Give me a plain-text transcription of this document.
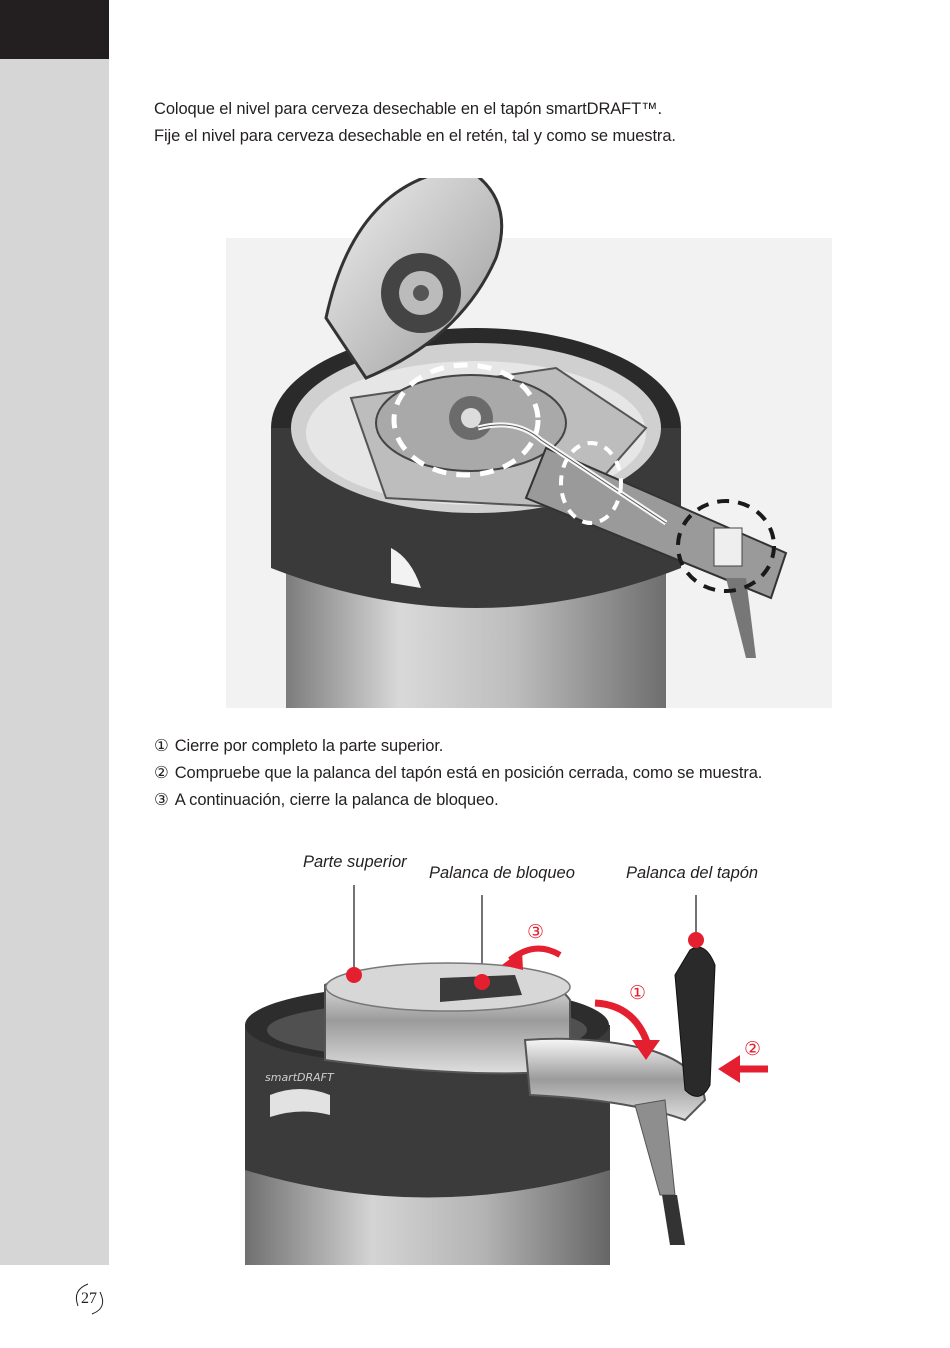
Coloque el nivel para cerveza desechable en el tapón smartDRAFT™.

Fije el nivel para cerveza desechable en el retén, tal y como se muestra.

① Cierre por completo la parte superior.

② Compruebe que la palanca del tapón está en posición cerrada, como se muestra.

③ A continuación, cierre la palanca de bloqueo.

Parte superior
Palanca de bloqueo	Palanca del tapón
smartDRAFT
③
①
②
27
